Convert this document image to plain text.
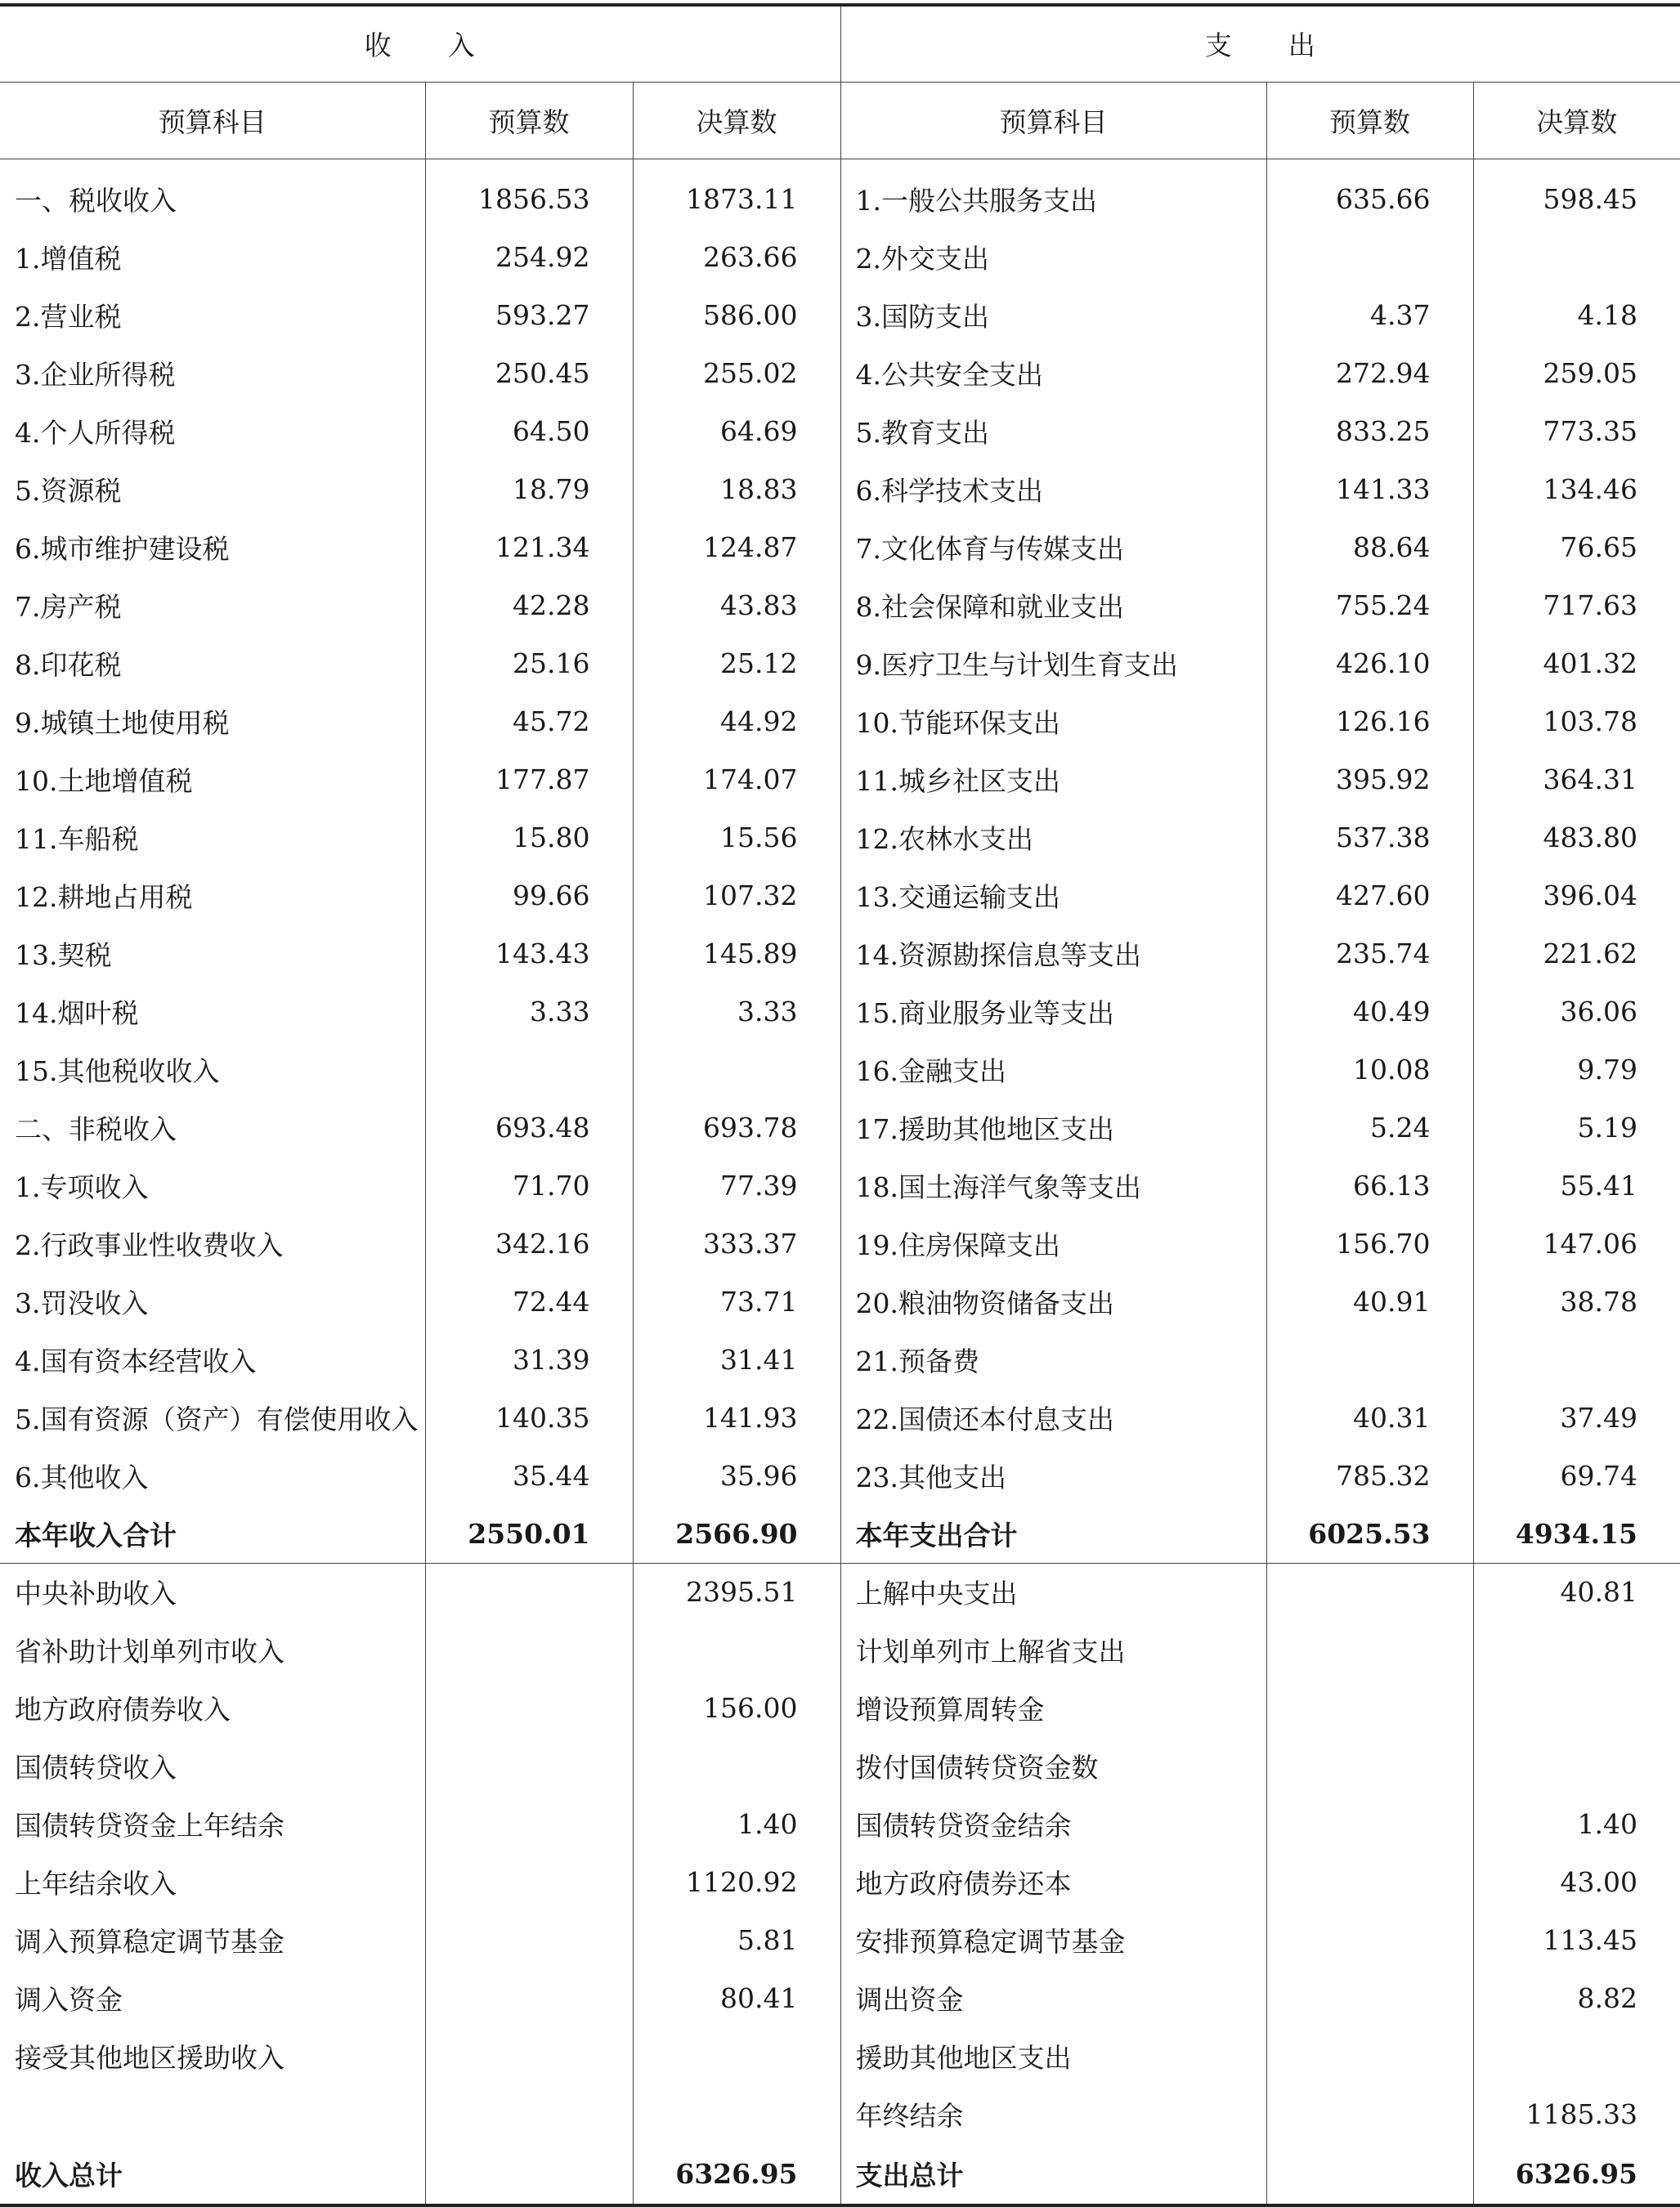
收　　入			支　　出		
预算科目	预算数	决算数	预算科目	预算数	决算数
一、税收收入	1856.53	1873.11	1.一般公共服务支出	635.66	598.45
1.增值税	254.92	263.66	2.外交支出		
2.营业税	593.27	586.00	3.国防支出	4.37	4.18
3.企业所得税	250.45	255.02	4.公共安全支出	272.94	259.05
4.个人所得税	64.50	64.69	5.教育支出	833.25	773.35
5.资源税	18.79	18.83	6.科学技术支出	141.33	134.46
6.城市维护建设税	121.34	124.87	7.文化体育与传媒支出	88.64	76.65
7.房产税	42.28	43.83	8.社会保障和就业支出	755.24	717.63
8.印花税	25.16	25.12	9.医疗卫生与计划生育支出	426.10	401.32
9.城镇土地使用税	45.72	44.92	10.节能环保支出	126.16	103.78
10.土地增值税	177.87	174.07	11.城乡社区支出	395.92	364.31
11.车船税	15.80	15.56	12.农林水支出	537.38	483.80
12.耕地占用税	99.66	107.32	13.交通运输支出	427.60	396.04
13.契税	143.43	145.89	14.资源勘探信息等支出	235.74	221.62
14.烟叶税	3.33	3.33	15.商业服务业等支出	40.49	36.06
15.其他税收收入			16.金融支出	10.08	9.79
二、非税收入	693.48	693.78	17.援助其他地区支出	5.24	5.19
1.专项收入	71.70	77.39	18.国土海洋气象等支出	66.13	55.41
2.行政事业性收费收入	342.16	333.37	19.住房保障支出	156.70	147.06
3.罚没收入	72.44	73.71	20.粮油物资储备支出	40.91	38.78
4.国有资本经营收入	31.39	31.41	21.预备费		
5.国有资源（资产）有偿使用收入	140.35	141.93	22.国债还本付息支出	40.31	37.49
6.其他收入	35.44	35.96	23.其他支出	785.32	69.74
本年收入合计	2550.01	2566.90	本年支出合计	6025.53	4934.15
中央补助收入		2395.51	上解中央支出		40.81
省补助计划单列市收入			计划单列市上解省支出		
地方政府债券收入		156.00	增设预算周转金		
国债转贷收入			拨付国债转贷资金数		
国债转贷资金上年结余		1.40	国债转贷资金结余		1.40
上年结余收入		1120.92	地方政府债券还本		43.00
调入预算稳定调节基金		5.81	安排预算稳定调节基金		113.45
调入资金		80.41	调出资金		8.82
接受其他地区援助收入			援助其他地区支出		
			年终结余		1185.33
收入总计		6326.95	支出总计		6326.95
